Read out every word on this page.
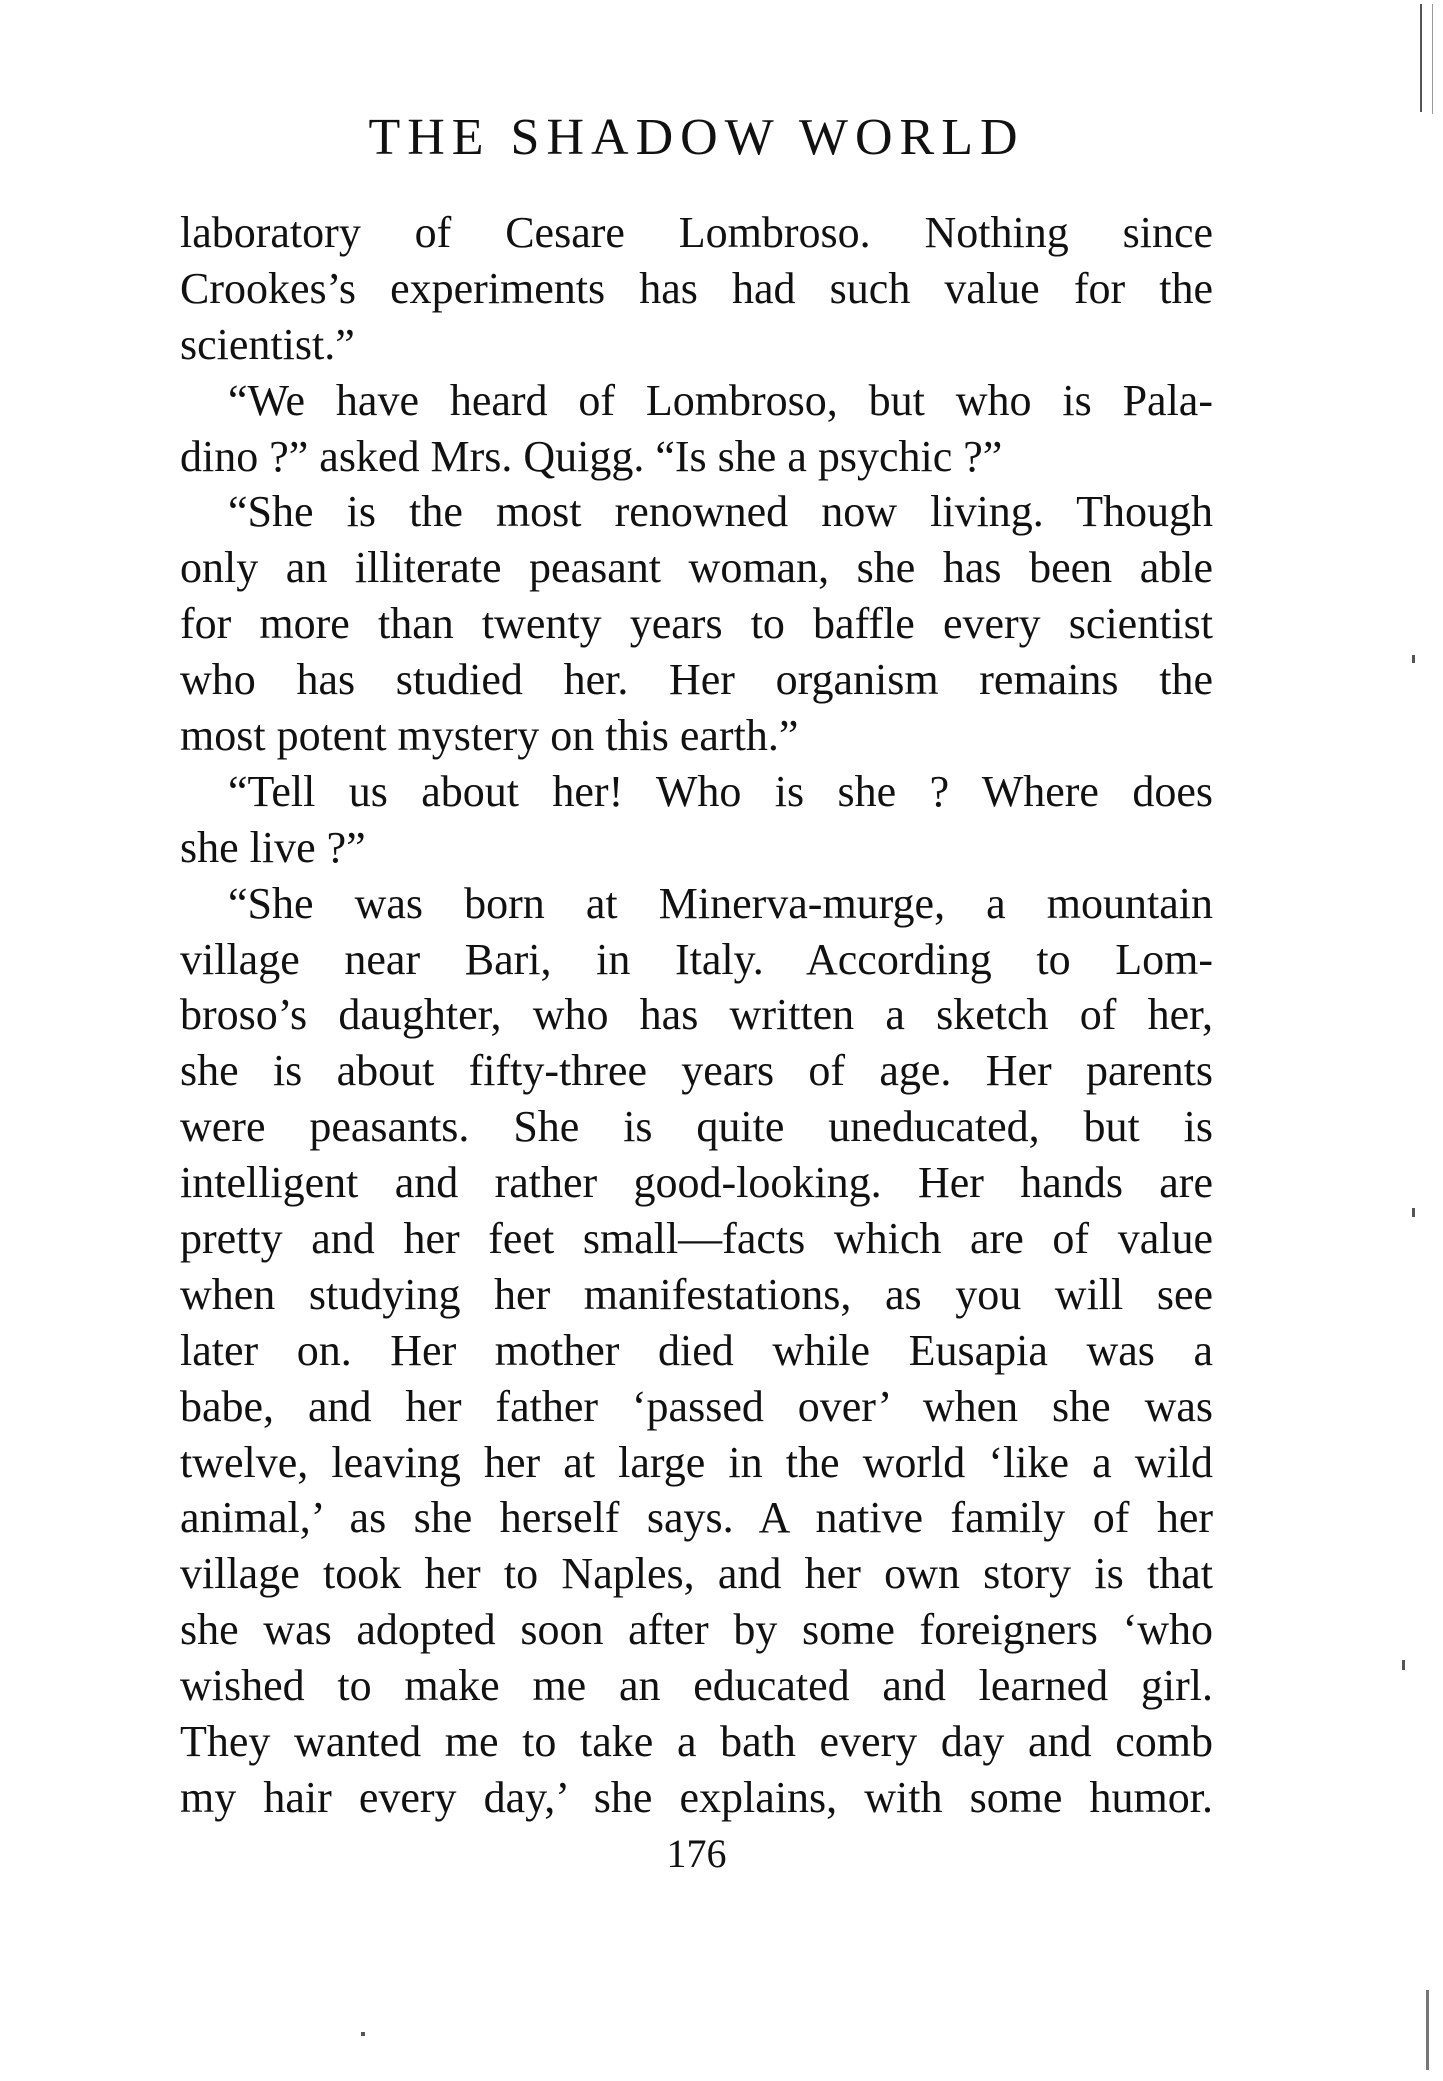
THE SHADOW WORLD
laboratory of Cesare Lombroso. Nothing since
Crookes’s experiments has had such value for the
scientist.”
“We have heard of Lombroso, but who is Pala-
dino ?” asked Mrs. Quigg. “Is she a psychic ?”
“She is the most renowned now living. Though
only an illiterate peasant woman, she has been able
for more than twenty years to baffle every scientist
who has studied her. Her organism remains the
most potent mystery on this earth.”
“Tell us about her! Who is she ? Where does
she live ?”
“She was born at Minerva-murge, a mountain
village near Bari, in Italy. According to Lom-
broso’s daughter, who has written a sketch of her,
she is about fifty-three years of age. Her parents
were peasants. She is quite uneducated, but is
intelligent and rather good-looking. Her hands are
pretty and her feet small—facts which are of value
when studying her manifestations, as you will see
later on. Her mother died while Eusapia was a
babe, and her father ‘passed over’ when she was
twelve, leaving her at large in the world ‘like a wild
animal,’ as she herself says. A native family of her
village took her to Naples, and her own story is that
she was adopted soon after by some foreigners ‘who
wished to make me an educated and learned girl.
They wanted me to take a bath every day and comb
my hair every day,’ she explains, with some humor.
176
